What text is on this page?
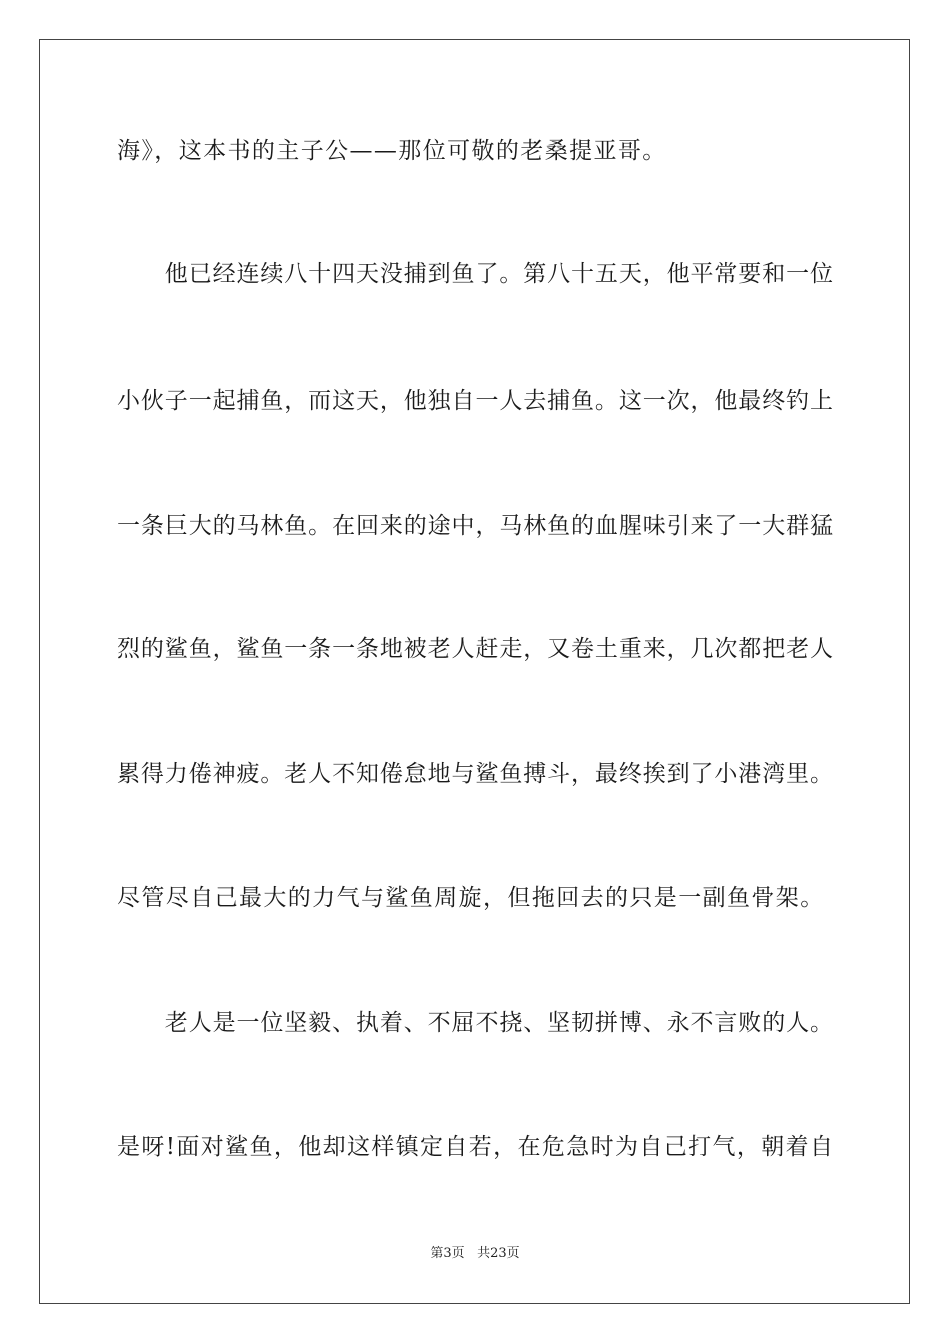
海》，这本书的主子公——那位可敬的老桑提亚哥。
　　他已经连续八十四天没捕到鱼了。第八十五天，他平常要和一位
小伙子一起捕鱼，而这天，他独自一人去捕鱼。这一次，他最终钓上
一条巨大的马林鱼。在回来的途中，马林鱼的血腥味引来了一大群猛
烈的鲨鱼，鲨鱼一条一条地被老人赶走，又卷土重来，几次都把老人
累得力倦神疲。老人不知倦怠地与鲨鱼搏斗，最终挨到了小港湾里。
尽管尽自己最大的力气与鲨鱼周旋，但拖回去的只是一副鱼骨架。
　　老人是一位坚毅、执着、不屈不挠、坚韧拼博、永不言败的人。
是呀!面对鲨鱼，他却这样镇定自若，在危急时为自己打气，朝着自
第3页 共23页
